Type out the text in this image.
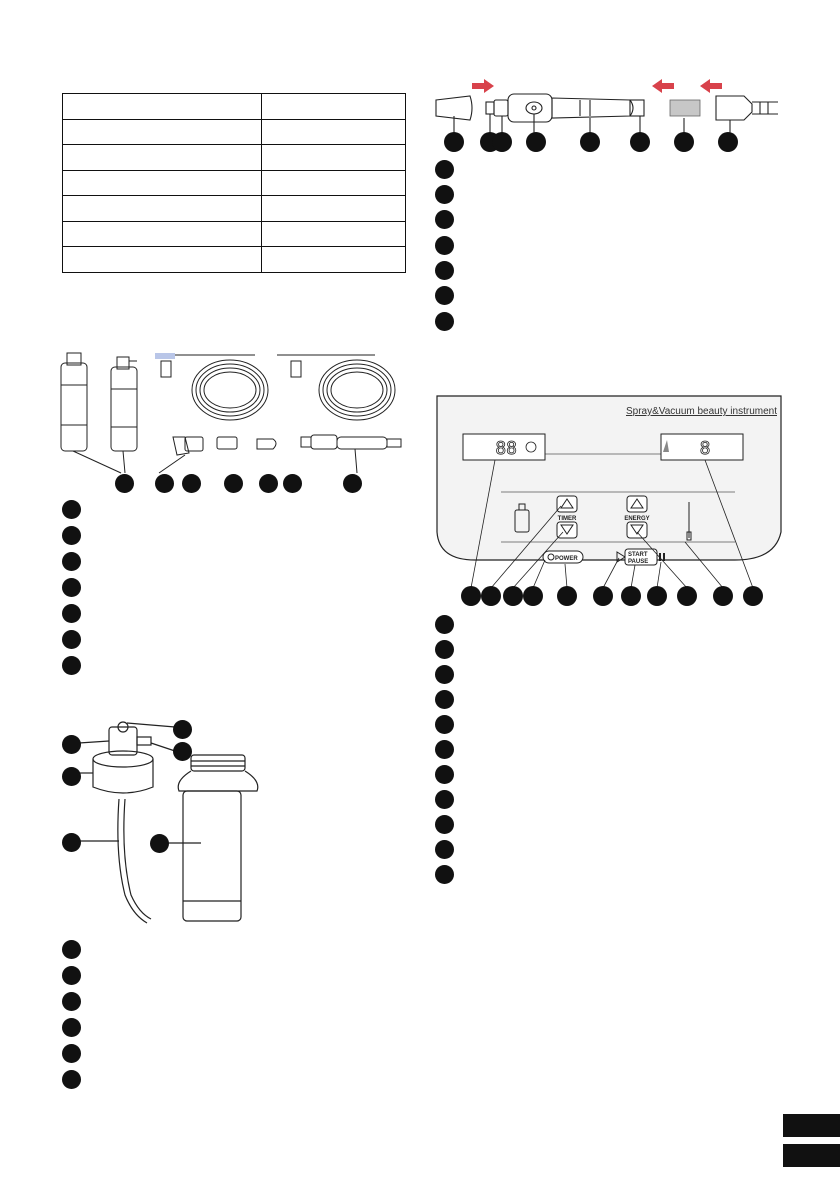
Spray&Vacuum beauty instrument
88	8
TIMER	ENERGY
POWER
START
PAUSE
